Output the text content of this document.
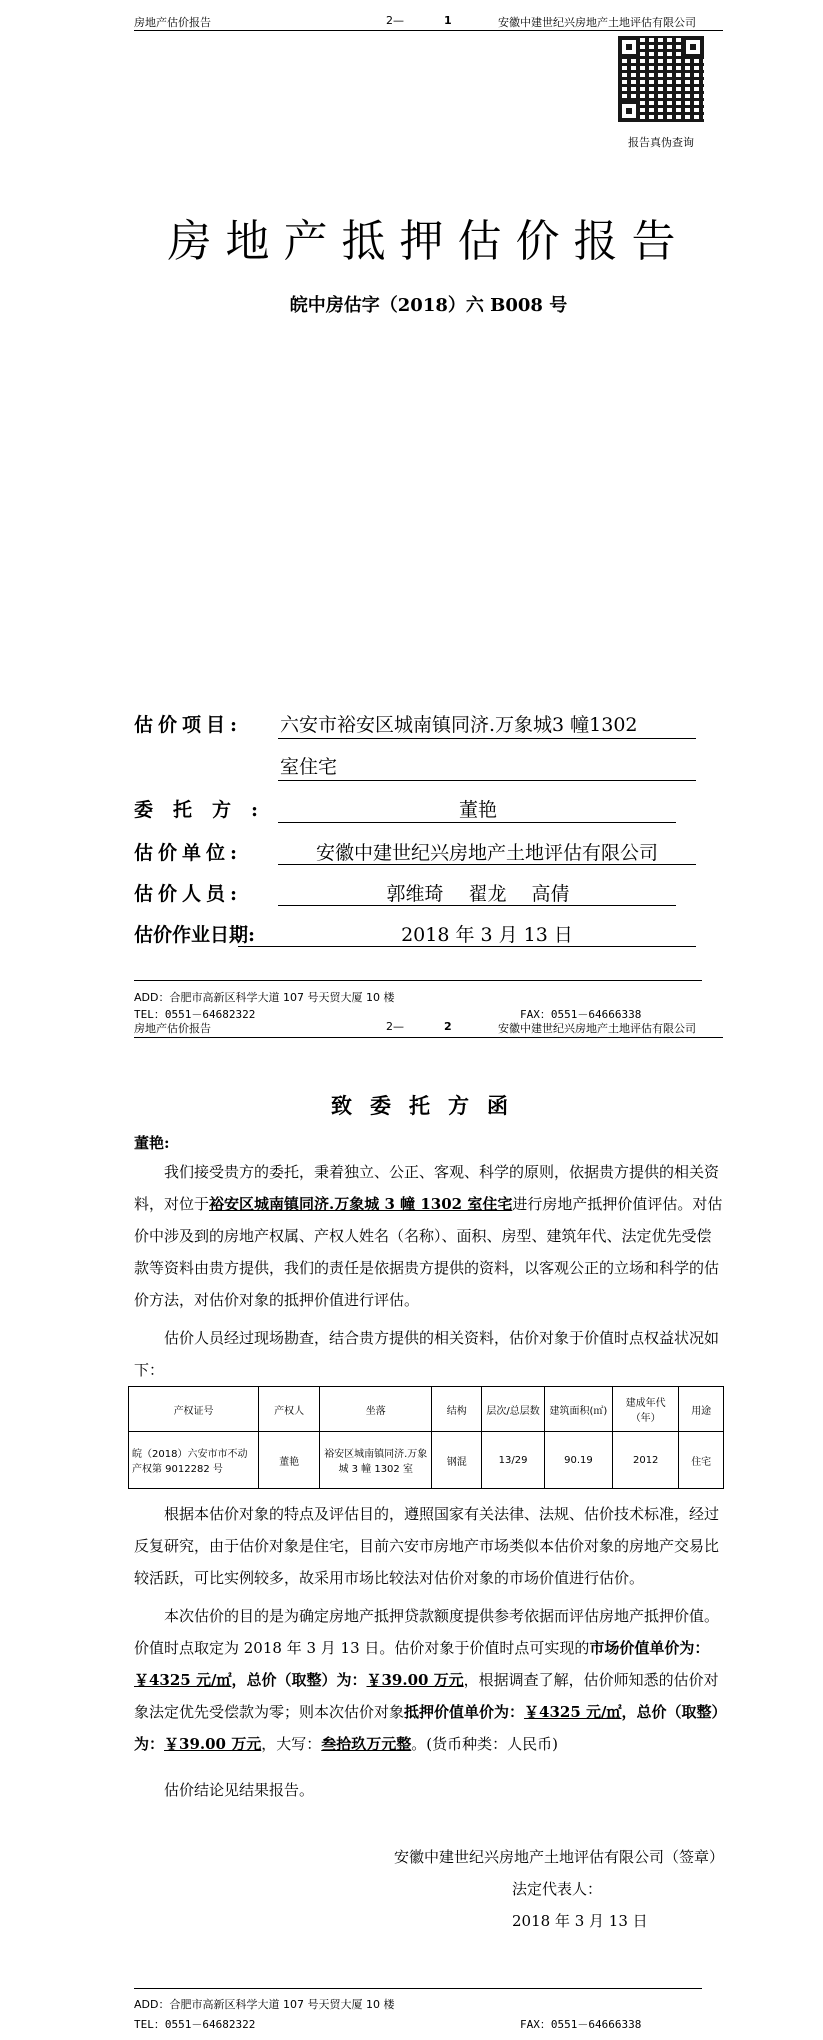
房地产估价报告	2—	1	安徽中建世纪兴房地产土地评估有限公司
报告真伪查询
房地产抵押估价报告
皖中房估字（2018）六 B008 号
估价项目: 六安市裕安区城南镇同济.万象城3 幢1302
室住宅
委托方:	董艳
估价单位:	安徽中建世纪兴房地产土地评估有限公司
估价人员:	郭维琦　 翟龙　 高倩
估价作业日期:	2018 年 3 月 13 日
ADD：合肥市高新区科学大道 107 号天贸大厦 10 楼
TEL：0551－64682322	FAX：0551－64666338
房地产估价报告	2—	2	安徽中建世纪兴房地产土地评估有限公司
致委托方函
董艳:
我们接受贵方的委托，秉着独立、公正、客观、科学的原则，依据贵方提供的相关资料，对位于裕安区城南镇同济.万象城 3 幢 1302 室住宅进行房地产抵押价值评估。对估价中涉及到的房地产权属、产权人姓名（名称）、面积、房型、建筑年代、法定优先受偿款等资料由贵方提供，我们的责任是依据贵方提供的资料，以客观公正的立场和科学的估价方法，对估价对象的抵押价值进行评估。
估价人员经过现场勘查，结合贵方提供的相关资料，估价对象于价值时点权益状况如下：
产权证号	产权人	坐落	结构	层次/总层数	建筑面积(㎡)	建成年代（年）	用途
皖（2018）六安市市不动产权第 9012282 号	董艳	裕安区城南镇同济.万象城 3 幢 1302 室	钢混	13/29	90.19	2012	住宅
根据本估价对象的特点及评估目的，遵照国家有关法律、法规、估价技术标准，经过反复研究，由于估价对象是住宅，目前六安市房地产市场类似本估价对象的房地产交易比较活跃，可比实例较多，故采用市场比较法对估价对象的市场价值进行估价。
本次估价的目的是为确定房地产抵押贷款额度提供参考依据而评估房地产抵押价值。价值时点取定为 2018 年 3 月 13 日。估价对象于价值时点可实现的市场价值单价为：￥4325 元/㎡，总价（取整）为：￥39.00 万元，根据调查了解，估价师知悉的估价对象法定优先受偿款为零；则本次估价对象抵押价值单价为：￥4325 元/㎡，总价（取整）为：￥39.00 万元，大写：叁拾玖万元整。(货币种类：人民币)
估价结论见结果报告。
安徽中建世纪兴房地产土地评估有限公司（签章）
法定代表人：
2018 年 3 月 13 日
ADD：合肥市高新区科学大道 107 号天贸大厦 10 楼
TEL：0551－64682322	FAX：0551－64666338
